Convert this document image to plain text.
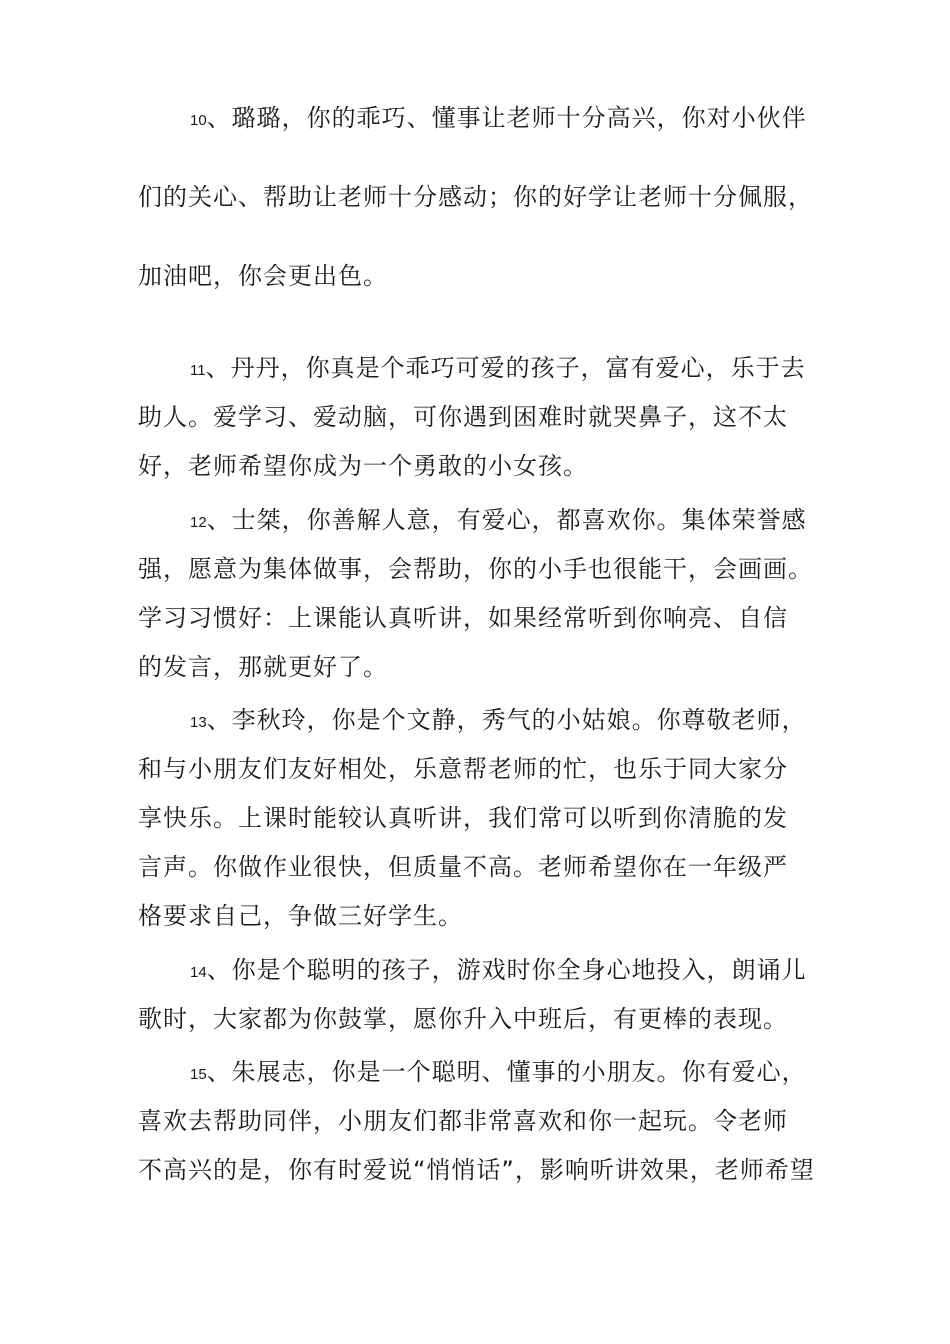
10、璐璐，你的乖巧、懂事让老师十分高兴，你对小伙伴
们的关心、帮助让老师十分感动；你的好学让老师十分佩服，
加油吧，你会更出色。
11、丹丹，你真是个乖巧可爱的孩子，富有爱心，乐于去
助人。爱学习、爱动脑，可你遇到困难时就哭鼻子，这不太
好，老师希望你成为一个勇敢的小女孩。
12、士桀，你善解人意，有爱心，都喜欢你。集体荣誉感
强，愿意为集体做事，会帮助，你的小手也很能干，会画画。
学习习惯好：上课能认真听讲，如果经常听到你响亮、自信
的发言，那就更好了。
13、李秋玲，你是个文静，秀气的小姑娘。你尊敬老师，
和与小朋友们友好相处，乐意帮老师的忙，也乐于同大家分
享快乐。上课时能较认真听讲，我们常可以听到你清脆的发
言声。你做作业很快，但质量不高。老师希望你在一年级严
格要求自己，争做三好学生。
14、你是个聪明的孩子，游戏时你全身心地投入，朗诵儿
歌时，大家都为你鼓掌，愿你升入中班后，有更棒的表现。
15、朱展志，你是一个聪明、懂事的小朋友。你有爱心，
喜欢去帮助同伴，小朋友们都非常喜欢和你一起玩。令老师
不高兴的是，你有时爱说“悄悄话”，影响听讲效果，老师希望
